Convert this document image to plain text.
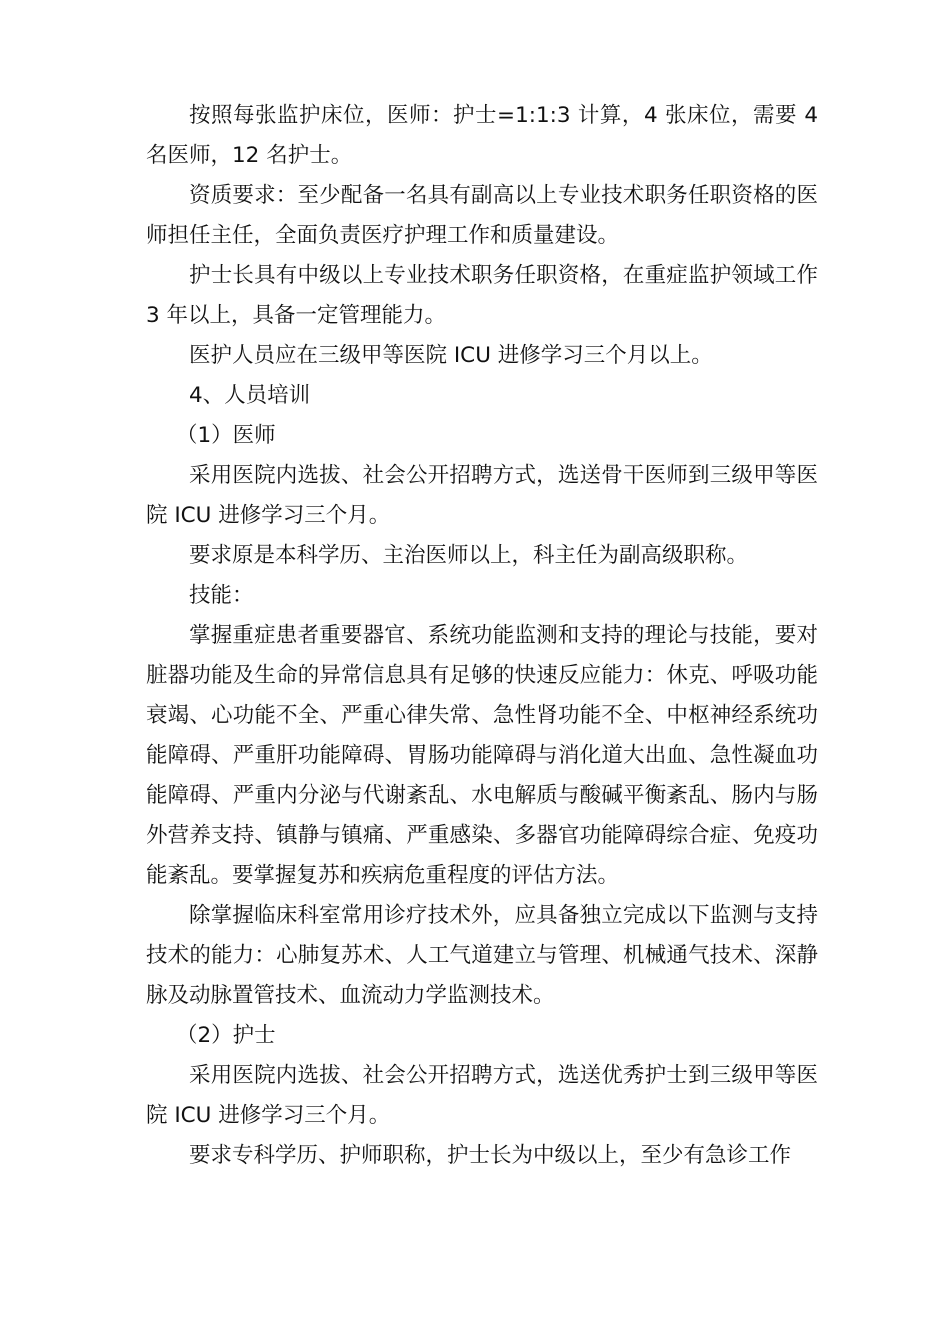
按照每张监护床位，医师：护士=1:1:3 计算，4 张床位，需要 4 名医师，12 名护士。

资质要求：至少配备一名具有副高以上专业技术职务任职资格的医师担任主任，全面负责医疗护理工作和质量建设。

护士长具有中级以上专业技术职务任职资格，在重症监护领域工作 3 年以上，具备一定管理能力。

医护人员应在三级甲等医院 ICU 进修学习三个月以上。

4、人员培训

（1）医师

采用医院内选拔、社会公开招聘方式，选送骨干医师到三级甲等医院 ICU 进修学习三个月。

要求原是本科学历、主治医师以上，科主任为副高级职称。

技能：

掌握重症患者重要器官、系统功能监测和支持的理论与技能，要对脏器功能及生命的异常信息具有足够的快速反应能力：休克、呼吸功能衰竭、心功能不全、严重心律失常、急性肾功能不全、中枢神经系统功能障碍、严重肝功能障碍、胃肠功能障碍与消化道大出血、急性凝血功能障碍、严重内分泌与代谢紊乱、水电解质与酸碱平衡紊乱、肠内与肠外营养支持、镇静与镇痛、严重感染、多器官功能障碍综合症、免疫功能紊乱。要掌握复苏和疾病危重程度的评估方法。

除掌握临床科室常用诊疗技术外，应具备独立完成以下监测与支持技术的能力：心肺复苏术、人工气道建立与管理、机械通气技术、深静脉及动脉置管技术、血流动力学监测技术。

（2）护士

采用医院内选拔、社会公开招聘方式，选送优秀护士到三级甲等医院 ICU 进修学习三个月。

要求专科学历、护师职称，护士长为中级以上，至少有急诊工作
